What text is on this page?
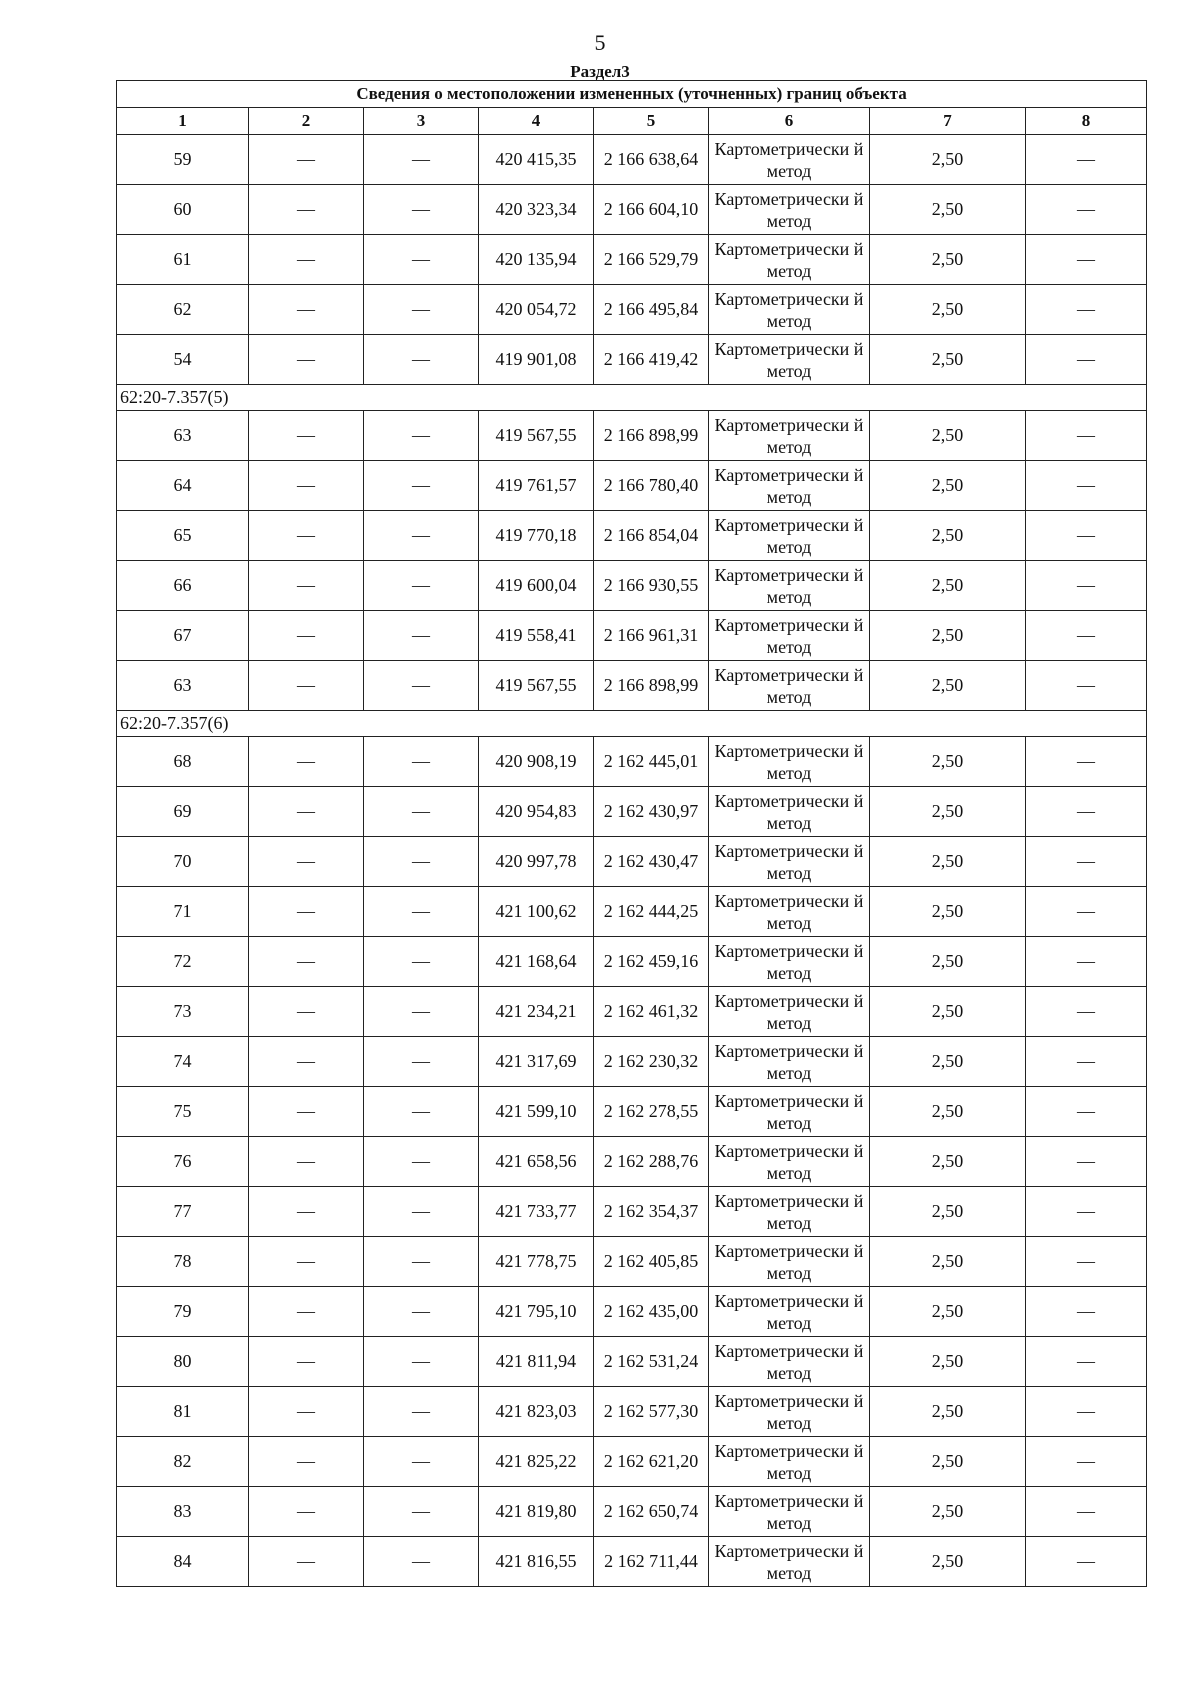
5
Раздел3
Сведения о местоположении измененных (уточненных) границ объекта							
1	2	3	4	5	6	7	8
59	—	—	420 415,35	2 166 638,64	Картометрически й метод	2,50	—
60	—	—	420 323,34	2 166 604,10	Картометрически й метод	2,50	—
61	—	—	420 135,94	2 166 529,79	Картометрически й метод	2,50	—
62	—	—	420 054,72	2 166 495,84	Картометрически й метод	2,50	—
54	—	—	419 901,08	2 166 419,42	Картометрически й метод	2,50	—
62:20-7.357(5)							
63	—	—	419 567,55	2 166 898,99	Картометрически й метод	2,50	—
64	—	—	419 761,57	2 166 780,40	Картометрически й метод	2,50	—
65	—	—	419 770,18	2 166 854,04	Картометрически й метод	2,50	—
66	—	—	419 600,04	2 166 930,55	Картометрически й метод	2,50	—
67	—	—	419 558,41	2 166 961,31	Картометрически й метод	2,50	—
63	—	—	419 567,55	2 166 898,99	Картометрически й метод	2,50	—
62:20-7.357(6)							
68	—	—	420 908,19	2 162 445,01	Картометрически й метод	2,50	—
69	—	—	420 954,83	2 162 430,97	Картометрически й метод	2,50	—
70	—	—	420 997,78	2 162 430,47	Картометрически й метод	2,50	—
71	—	—	421 100,62	2 162 444,25	Картометрически й метод	2,50	—
72	—	—	421 168,64	2 162 459,16	Картометрически й метод	2,50	—
73	—	—	421 234,21	2 162 461,32	Картометрически й метод	2,50	—
74	—	—	421 317,69	2 162 230,32	Картометрически й метод	2,50	—
75	—	—	421 599,10	2 162 278,55	Картометрически й метод	2,50	—
76	—	—	421 658,56	2 162 288,76	Картометрически й метод	2,50	—
77	—	—	421 733,77	2 162 354,37	Картометрически й метод	2,50	—
78	—	—	421 778,75	2 162 405,85	Картометрически й метод	2,50	—
79	—	—	421 795,10	2 162 435,00	Картометрически й метод	2,50	—
80	—	—	421 811,94	2 162 531,24	Картометрически й метод	2,50	—
81	—	—	421 823,03	2 162 577,30	Картометрически й метод	2,50	—
82	—	—	421 825,22	2 162 621,20	Картометрически й метод	2,50	—
83	—	—	421 819,80	2 162 650,74	Картометрически й метод	2,50	—
84	—	—	421 816,55	2 162 711,44	Картометрически й метод	2,50	—
